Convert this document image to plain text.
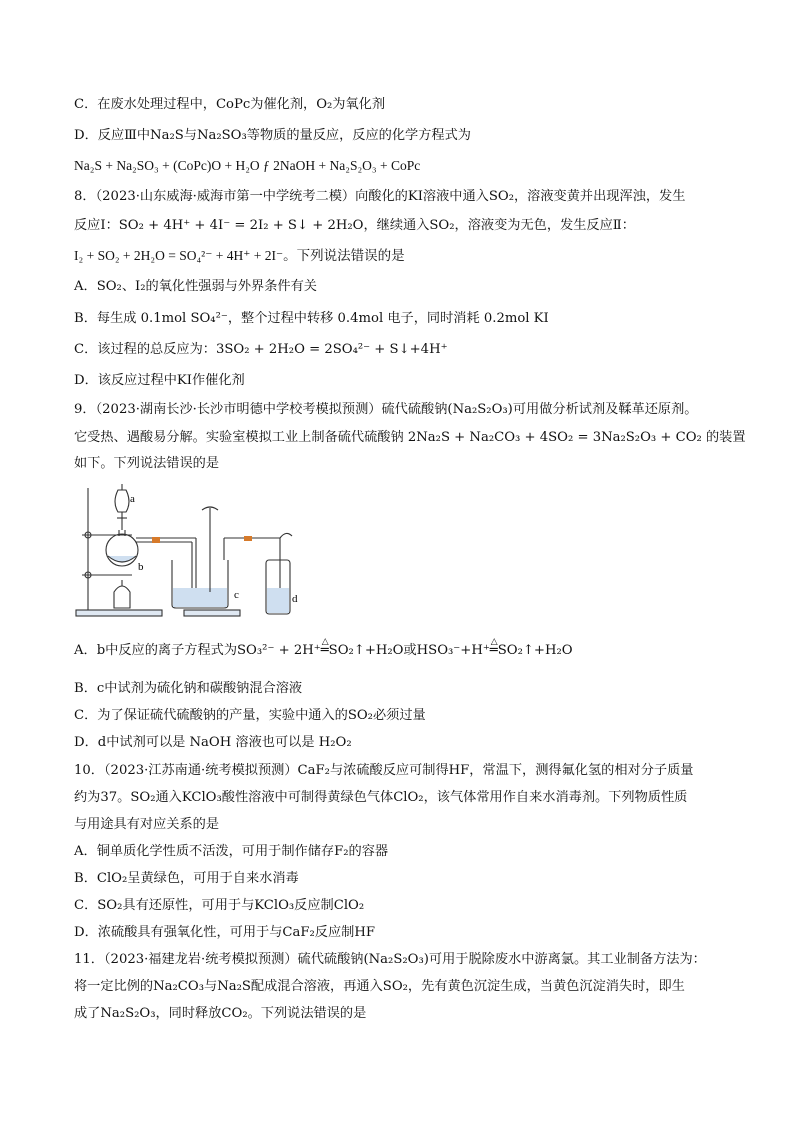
C．在废水处理过程中，CoPc为催化剂，O₂为氧化剂
D．反应Ⅲ中Na₂S与Na₂SO₃等物质的量反应，反应的化学方程式为
Na₂S + Na₂SO₃ + (CoPc)O + H₂O ƒ 2NaOH + Na₂S₂O₃ + CoPc
8．（2023·山东威海·威海市第一中学统考二模）向酸化的KI溶液中通入SO₂，溶液变黄并出现浑浊，发生
反应Ⅰ：SO₂ + 4H⁺ + 4I⁻ = 2I₂ + S↓ + 2H₂O，继续通入SO₂，溶液变为无色，发生反应Ⅱ：
I₂ + SO₂ + 2H₂O = SO₄²⁻ + 4H⁺ + 2I⁻。下列说法错误的是
A．SO₂、I₂的氧化性强弱与外界条件有关
B．每生成 0.1mol SO₄²⁻，整个过程中转移 0.4mol 电子，同时消耗 0.2mol KI
C．该过程的总反应为：3SO₂ + 2H₂O = 2SO₄²⁻ + S↓+4H⁺
D．该反应过程中KI作催化剂
9．（2023·湖南长沙·长沙市明德中学校考模拟预测）硫代硫酸钠(Na₂S₂O₃)可用做分析试剂及鞣革还原剂。
它受热、遇酸易分解。实验室模拟工业上制备硫代硫酸钠 2Na₂S + Na₂CO₃ + 4SO₂ = 3Na₂S₂O₃ + CO₂ 的装置
如下。下列说法错误的是
a
b
c	d
A．b中反应的离子方程式为SO₃²⁻ + 2H⁺△ ═SO₂↑+H₂O或HSO₃⁻+H⁺△ ═SO₂↑+H₂O
B．c中试剂为硫化钠和碳酸钠混合溶液
C．为了保证硫代硫酸钠的产量，实验中通入的SO₂必须过量
D．d中试剂可以是 NaOH 溶液也可以是 H₂O₂
10．（2023·江苏南通·统考模拟预测）CaF₂与浓硫酸反应可制得HF，常温下，测得氟化氢的相对分子质量
约为37。SO₂通入KClO₃酸性溶液中可制得黄绿色气体ClO₂，该气体常用作自来水消毒剂。下列物质性质
与用途具有对应关系的是
A．铜单质化学性质不活泼，可用于制作储存F₂的容器
B．ClO₂呈黄绿色，可用于自来水消毒
C．SO₂具有还原性，可用于与KClO₃反应制ClO₂
D．浓硫酸具有强氧化性，可用于与CaF₂反应制HF
11．（2023·福建龙岩·统考模拟预测）硫代硫酸钠(Na₂S₂O₃)可用于脱除废水中游离氯。其工业制备方法为：
将一定比例的Na₂CO₃与Na₂S配成混合溶液，再通入SO₂，先有黄色沉淀生成，当黄色沉淀消失时，即生
成了Na₂S₂O₃，同时释放CO₂。下列说法错误的是
